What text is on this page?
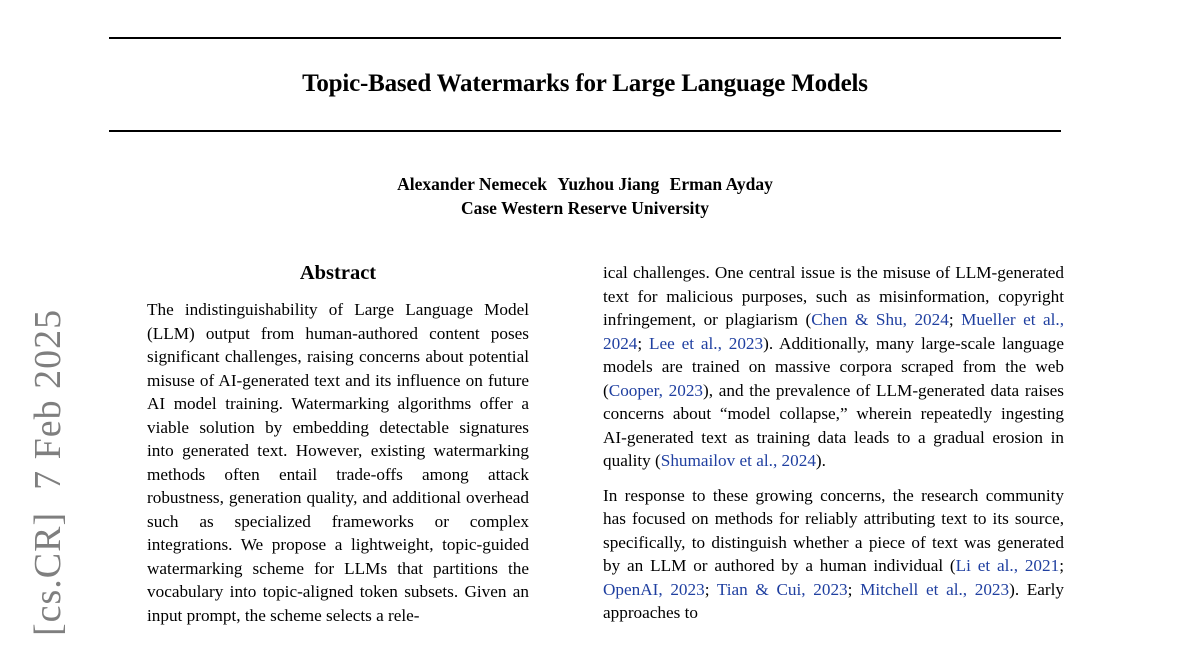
Topic-Based Watermarks for Large Language Models
Alexander Nemecek Yuzhou Jiang Erman Ayday
Case Western Reserve University
[cs.CR]7 Feb 2025
Abstract

The indistinguishability of Large Language Model (LLM) output from human-authored content poses significant challenges, raising concerns about potential misuse of AI-generated text and its influence on future AI model training. Watermarking algorithms offer a viable solution by embedding detectable signatures into generated text. However, existing watermarking methods often entail trade-offs among attack robustness, generation quality, and additional overhead such as specialized frameworks or complex integrations. We propose a lightweight, topic-guided watermarking scheme for LLMs that partitions the vocabulary into topic-aligned token subsets. Given an input prompt, the scheme selects a rele-

ical challenges. One central issue is the misuse of LLM-generated text for malicious purposes, such as misinformation, copyright infringement, or plagiarism (Chen & Shu, 2024; Mueller et al., 2024; Lee et al., 2023). Additionally, many large-scale language models are trained on massive corpora scraped from the web (Cooper, 2023), and the prevalence of LLM-generated data raises concerns about “model collapse,” wherein repeatedly ingesting AI-generated text as training data leads to a gradual erosion in quality (Shumailov et al., 2024).

In response to these growing concerns, the research community has focused on methods for reliably attributing text to its source, specifically, to distinguish whether a piece of text was generated by an LLM or authored by a human individual (Li et al., 2021; OpenAI, 2023; Tian & Cui, 2023; Mitchell et al., 2023). Early approaches to
